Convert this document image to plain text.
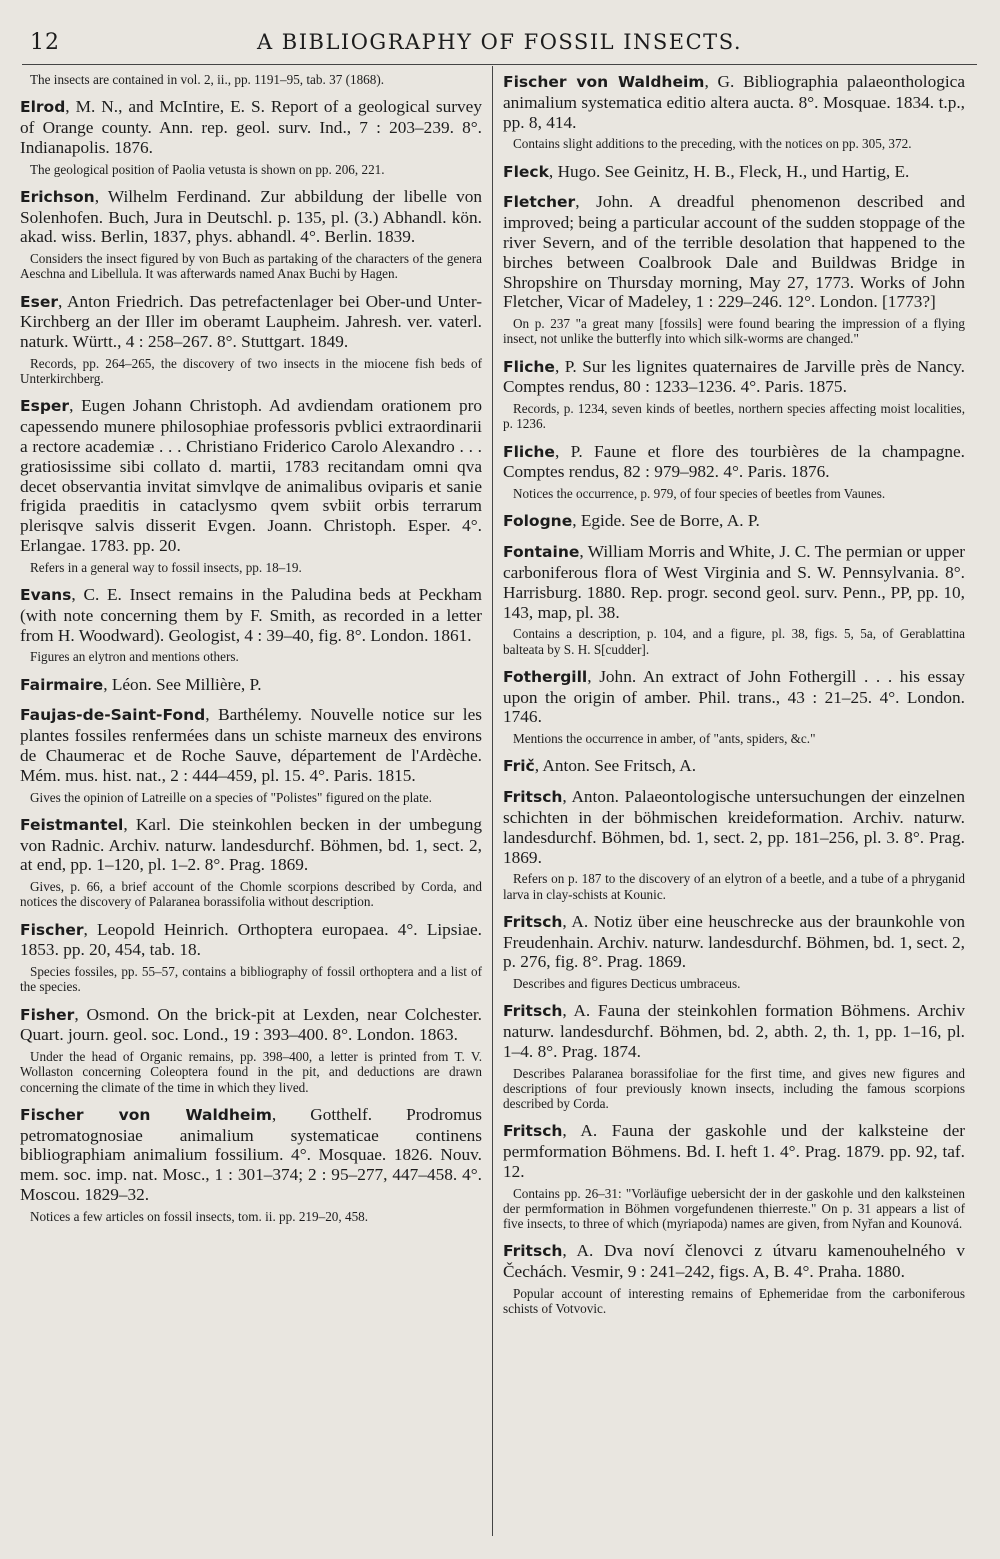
12	A BIBLIOGRAPHY OF FOSSIL INSECTS.

The insects are contained in vol. 2, ii., pp. 1191–95, tab. 37 (1868).

Elrod, M. N., and McIntire, E. S. Report of a geological survey of Orange county. Ann. rep. geol. surv. Ind., 7 : 203–239. 8°. Indianapolis. 1876.

The geological position of Paolia vetusta is shown on pp. 206, 221.

Erichson, Wilhelm Ferdinand. Zur abbildung der libelle von Solenhofen. Buch, Jura in Deutschl. p. 135, pl. (3.) Abhandl. kön. akad. wiss. Berlin, 1837, phys. abhandl. 4°. Berlin. 1839.

Considers the insect figured by von Buch as partaking of the characters of the genera Aeschna and Libellula. It was afterwards named Anax Buchi by Hagen.

Eser, Anton Friedrich. Das petrefactenlager bei Ober-und Unter-Kirchberg an der Iller im oberamt Laupheim. Jahresh. ver. vaterl. naturk. Württ., 4 : 258–267. 8°. Stuttgart. 1849.

Records, pp. 264–265, the discovery of two insects in the miocene fish beds of Unterkirchberg.

Esper, Eugen Johann Christoph. Ad avdiendam orationem pro capessendo munere philosophiae professoris pvblici extraordinarii a rectore academiæ . . . Christiano Friderico Carolo Alexandro . . . gratiosissime sibi collato d. martii, 1783 recitandam omni qva decet observantia invitat simvlqve de animalibus oviparis et sanie frigida praeditis in cataclysmo qvem svbiit orbis terrarum plerisqve salvis disserit Evgen. Joann. Christoph. Esper. 4°. Erlangae. 1783. pp. 20.

Refers in a general way to fossil insects, pp. 18–19.

Evans, C. E. Insect remains in the Paludina beds at Peckham (with note concerning them by F. Smith, as recorded in a letter from H. Woodward). Geologist, 4 : 39–40, fig. 8°. London. 1861.

Figures an elytron and mentions others.

Fairmaire, Léon. See Millière, P.

Faujas-de-Saint-Fond, Barthélemy. Nouvelle notice sur les plantes fossiles renfermées dans un schiste marneux des environs de Chaumerac et de Roche Sauve, département de l'Ardèche. Mém. mus. hist. nat., 2 : 444–459, pl. 15. 4°. Paris. 1815.

Gives the opinion of Latreille on a species of "Polistes" figured on the plate.

Feistmantel, Karl. Die steinkohlen becken in der umbegung von Radnic. Archiv. naturw. landesdurchf. Böhmen, bd. 1, sect. 2, at end, pp. 1–120, pl. 1–2. 8°. Prag. 1869.

Gives, p. 66, a brief account of the Chomle scorpions described by Corda, and notices the discovery of Palaranea borassifolia without description.

Fischer, Leopold Heinrich. Orthoptera europaea. 4°. Lipsiae. 1853. pp. 20, 454, tab. 18.

Species fossiles, pp. 55–57, contains a bibliography of fossil orthoptera and a list of the species.

Fisher, Osmond. On the brick-pit at Lexden, near Colchester. Quart. journ. geol. soc. Lond., 19 : 393–400. 8°. London. 1863.

Under the head of Organic remains, pp. 398–400, a letter is printed from T. V. Wollaston concerning Coleoptera found in the pit, and deductions are drawn concerning the climate of the time in which they lived.

Fischer von Waldheim, Gotthelf. Prodromus petromatognosiae animalium systematicae continens bibliographiam animalium fossilium. 4°. Mosquae. 1826. Nouv. mem. soc. imp. nat. Mosc., 1 : 301–374; 2 : 95–277, 447–458. 4°. Moscou. 1829–32.

Notices a few articles on fossil insects, tom. ii. pp. 219–20, 458.

Fischer von Waldheim, G. Bibliographia palaeonthologica animalium systematica editio altera aucta. 8°. Mosquae. 1834. t.p., pp. 8, 414.

Contains slight additions to the preceding, with the notices on pp. 305, 372.

Fleck, Hugo. See Geinitz, H. B., Fleck, H., und Hartig, E.

Fletcher, John. A dreadful phenomenon described and improved; being a particular account of the sudden stoppage of the river Severn, and of the terrible desolation that happened to the birches between Coalbrook Dale and Buildwas Bridge in Shropshire on Thursday morning, May 27, 1773. Works of John Fletcher, Vicar of Madeley, 1 : 229–246. 12°. London. [1773?]

On p. 237 "a great many [fossils] were found bearing the impression of a flying insect, not unlike the butterfly into which silk-worms are changed."

Fliche, P. Sur les lignites quaternaires de Jarville près de Nancy. Comptes rendus, 80 : 1233–1236. 4°. Paris. 1875.

Records, p. 1234, seven kinds of beetles, northern species affecting moist localities, p. 1236.

Fliche, P. Faune et flore des tourbières de la champagne. Comptes rendus, 82 : 979–982. 4°. Paris. 1876.

Notices the occurrence, p. 979, of four species of beetles from Vaunes.

Fologne, Egide. See de Borre, A. P.

Fontaine, William Morris and White, J. C. The permian or upper carboniferous flora of West Virginia and S. W. Pennsylvania. 8°. Harrisburg. 1880. Rep. progr. second geol. surv. Penn., PP, pp. 10, 143, map, pl. 38.

Contains a description, p. 104, and a figure, pl. 38, figs. 5, 5a, of Gerablattina balteata by S. H. S[cudder].

Fothergill, John. An extract of John Fothergill . . . his essay upon the origin of amber. Phil. trans., 43 : 21–25. 4°. London. 1746.

Mentions the occurrence in amber, of "ants, spiders, &c."

Frič, Anton. See Fritsch, A.

Fritsch, Anton. Palaeontologische untersuchungen der einzelnen schichten in der böhmischen kreideformation. Archiv. naturw. landesdurchf. Böhmen, bd. 1, sect. 2, pp. 181–256, pl. 3. 8°. Prag. 1869.

Refers on p. 187 to the discovery of an elytron of a beetle, and a tube of a phryganid larva in clay-schists at Kounic.

Fritsch, A. Notiz über eine heuschrecke aus der braunkohle von Freudenhain. Archiv. naturw. landesdurchf. Böhmen, bd. 1, sect. 2, p. 276, fig. 8°. Prag. 1869.

Describes and figures Decticus umbraceus.

Fritsch, A. Fauna der steinkohlen formation Böhmens. Archiv naturw. landesdurchf. Böhmen, bd. 2, abth. 2, th. 1, pp. 1–16, pl. 1–4. 8°. Prag. 1874.

Describes Palaranea borassifoliae for the first time, and gives new figures and descriptions of four previously known insects, including the famous scorpions described by Corda.

Fritsch, A. Fauna der gaskohle und der kalksteine der permformation Böhmens. Bd. I. heft 1. 4°. Prag. 1879. pp. 92, taf. 12.

Contains pp. 26–31: "Vorläufige uebersicht der in der gaskohle und den kalksteinen der permformation in Böhmen vorgefundenen thierreste." On p. 31 appears a list of five insects, to three of which (myriapoda) names are given, from Nyřan and Kounová.

Fritsch, A. Dva noví členovci z útvaru kamenouhelného v Čechách. Vesmir, 9 : 241–242, figs. A, B. 4°. Praha. 1880.

Popular account of interesting remains of Ephemeridae from the carboniferous schists of Votvovic.
